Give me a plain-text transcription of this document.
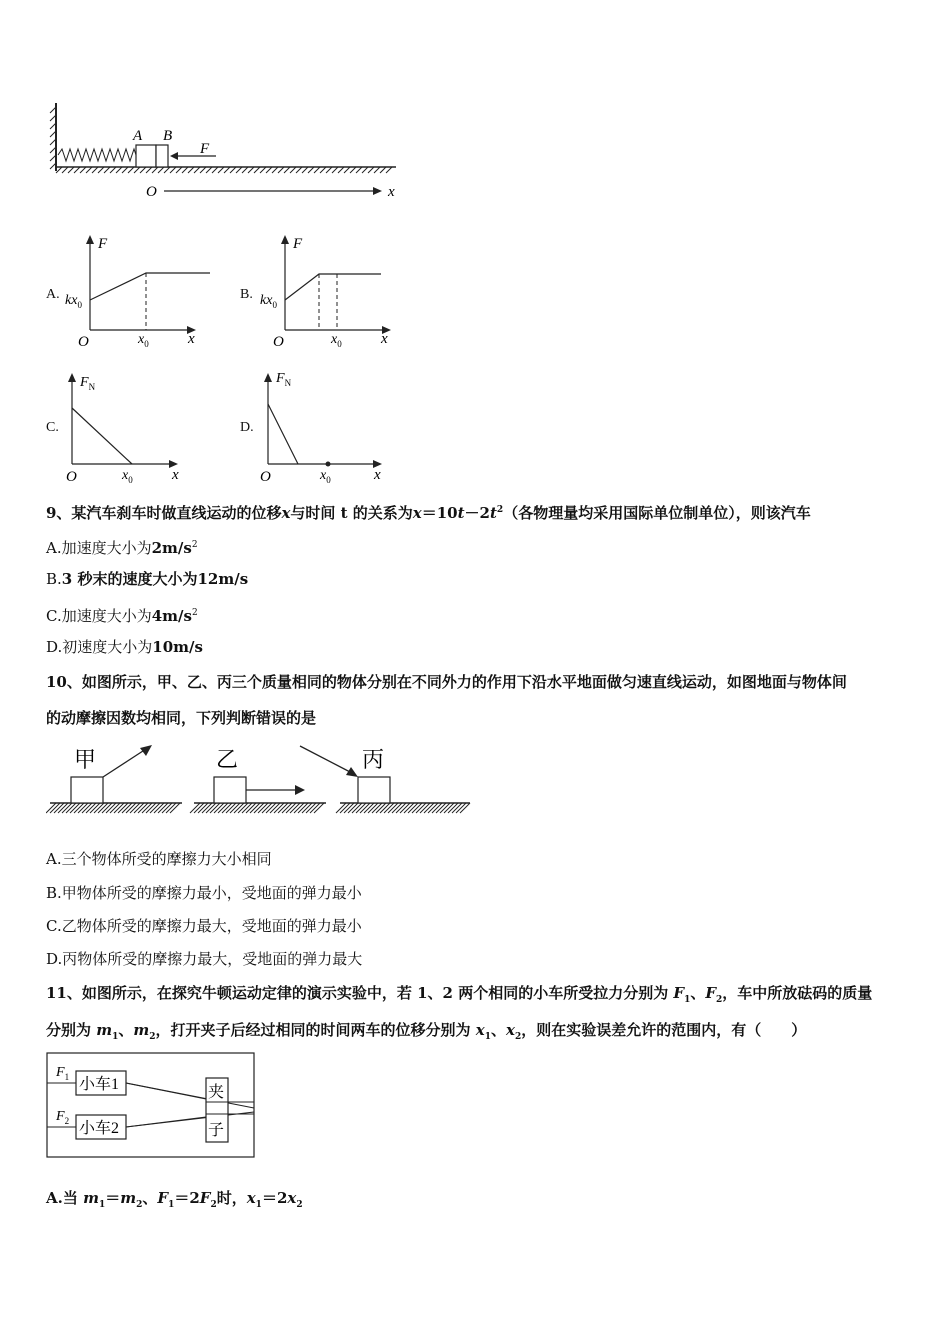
A B
F
O	x
A.
F
$kx_0$
O	$x_0$	x
B.
F
$kx_0$
O	$x_0$	x
C.
$F_N$
O	$x_0$	x
D.
$F_N$
O	$x_0$	x
9、某汽车刹车时做直线运动的位移x与时间 t 的关系为$x=10t-2t^2$（各物理量均采用国际单位制单位），则该汽车
A.加速度大小为$2m/s^2$
B.3 秒末的速度大小为12m/s
C.加速度大小为$4m/s^2$
D.初速度大小为10m/s
10、如图所示，甲、乙、丙三个质量相同的物体分别在不同外力的作用下沿水平地面做匀速直线运动，如图地面与物体间
的动摩擦因数均相同，下列判断错误的是
甲	乙	丙
A.三个物体所受的摩擦力大小相同
B.甲物体所受的摩擦力最小，受地面的弹力最小
C.乙物体所受的摩擦力最大，受地面的弹力最小
D.丙物体所受的摩擦力最大，受地面的弹力最大
11、如图所示，在探究牛顿运动定律的演示实验中，若 1、2 两个相同的小车所受拉力分别为 $F_1$、$F_2$，车中所放砝码的质量
分别为 $m_1$、$m_2$，打开夹子后经过相同的时间两车的位移分别为 $x_1$、$x_2$，则在实验误差允许的范围内，有（　　）
$F_1$ 小车1
$F_2$ 小车2
夹
子
A.当 $m_1=m_2$、$F_1=2F_2$时，$x_1=2x_2$
